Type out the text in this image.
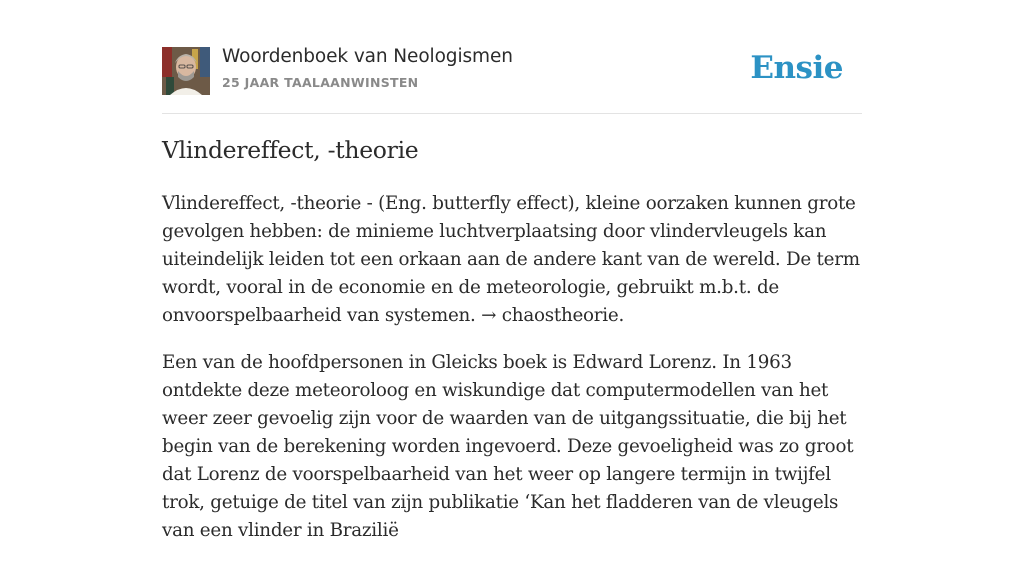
Woordenboek van Neologismen
25 JAAR TAALAANWINSTEN	Ensie
Vlindereffect, -theorie

Vlindereffect, -theorie - (Eng. butterfly effect), kleine oorzaken kunnen grote gevolgen hebben: de minieme luchtverplaatsing door vlindervleugels kan uiteindelijk leiden tot een orkaan aan de andere kant van de wereld. De term wordt, vooral in de economie en de meteorologie, gebruikt m.b.t. de onvoorspelbaarheid van systemen. → chaostheorie.

Een van de hoofdpersonen in Gleicks boek is Edward Lorenz. In 1963 ontdekte deze meteoroloog en wiskundige dat computermodellen van het weer zeer gevoelig zijn voor de waarden van de uitgangssituatie, die bij het begin van de berekening worden ingevoerd. Deze gevoeligheid was zo groot dat Lorenz de voorspelbaarheid van het weer op langere termijn in twijfel trok, getuige de titel van zijn publikatie ‘Kan het fladderen van de vleugels van een vlinder in Brazilië
